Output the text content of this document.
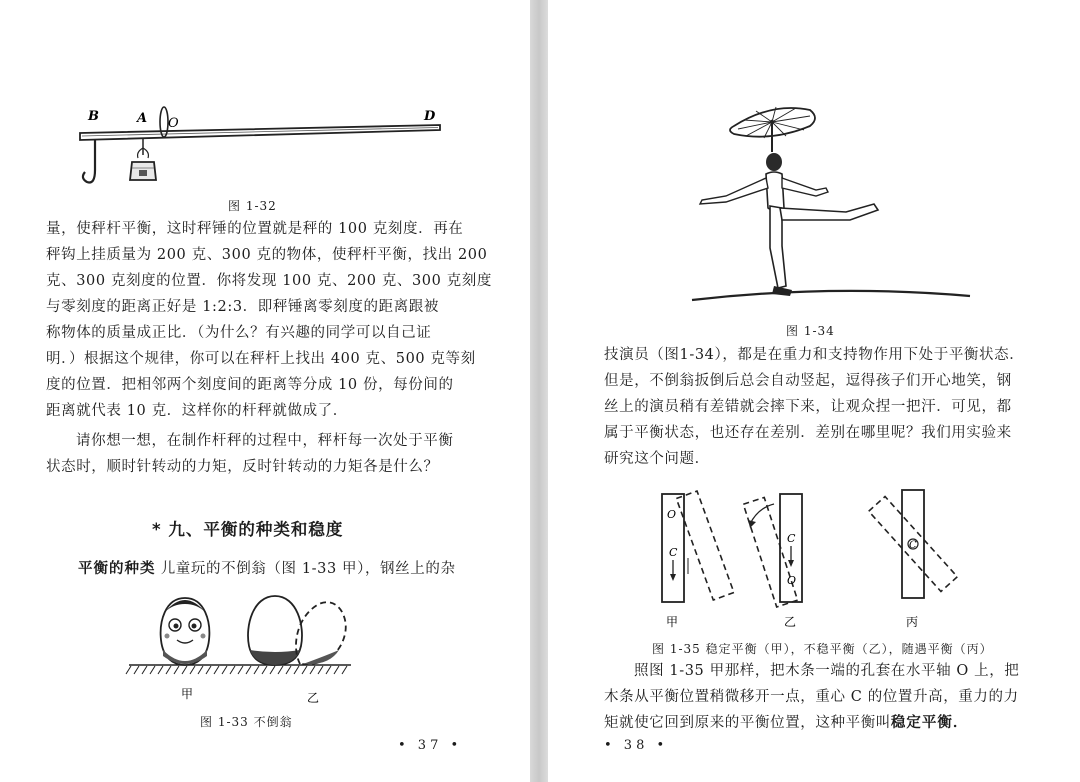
B	A O	D
图 1-32
量，使秤杆平衡，这时秤锤的位置就是秤的 100 克刻度．再在
秤钩上挂质量为 200 克、300 克的物体，使秤杆平衡，找出 200
克、300 克刻度的位置．你将发现 100 克、200 克、300 克刻度
与零刻度的距离正好是 1:2:3．即秤锤离零刻度的距离跟被
称物体的质量成正比．（为什么？有兴趣的同学可以自己证
明．）根据这个规律，你可以在秤杆上找出 400 克、500 克等刻
度的位置．把相邻两个刻度间的距离等分成 10 份，每份间的
距离就代表 10 克．这样你的杆秤就做成了．
请你想一想，在制作杆秤的过程中，秤杆每一次处于平衡
状态时，顺时针转动的力矩，反时针转动的力矩各是什么？
* 九、平衡的种类和稳度
平衡的种类 儿童玩的不倒翁（图 1-33 甲），钢丝上的杂
甲	乙
图 1-33 不倒翁
• 37 •
图 1-34
技演员（图1-34），都是在重力和支持物作用下处于平衡状态．
但是，不倒翁扳倒后总会自动竖起，逗得孩子们开心地笑，钢
丝上的演员稍有差错就会摔下来，让观众捏一把汗．可见，都
属于平衡状态，也还存在差别．差别在哪里呢？我们用实验来
研究这个问题．
O
C
C
O
C
甲	乙	丙
图 1-35 稳定平衡（甲），不稳平衡（乙），随遇平衡（丙）
照图 1-35 甲那样，把木条一端的孔套在水平轴 O 上，把
木条从平衡位置稍微移开一点，重心 C 的位置升高，重力的力
矩就使它回到原来的平衡位置，这种平衡叫稳定平衡．
• 38 •
